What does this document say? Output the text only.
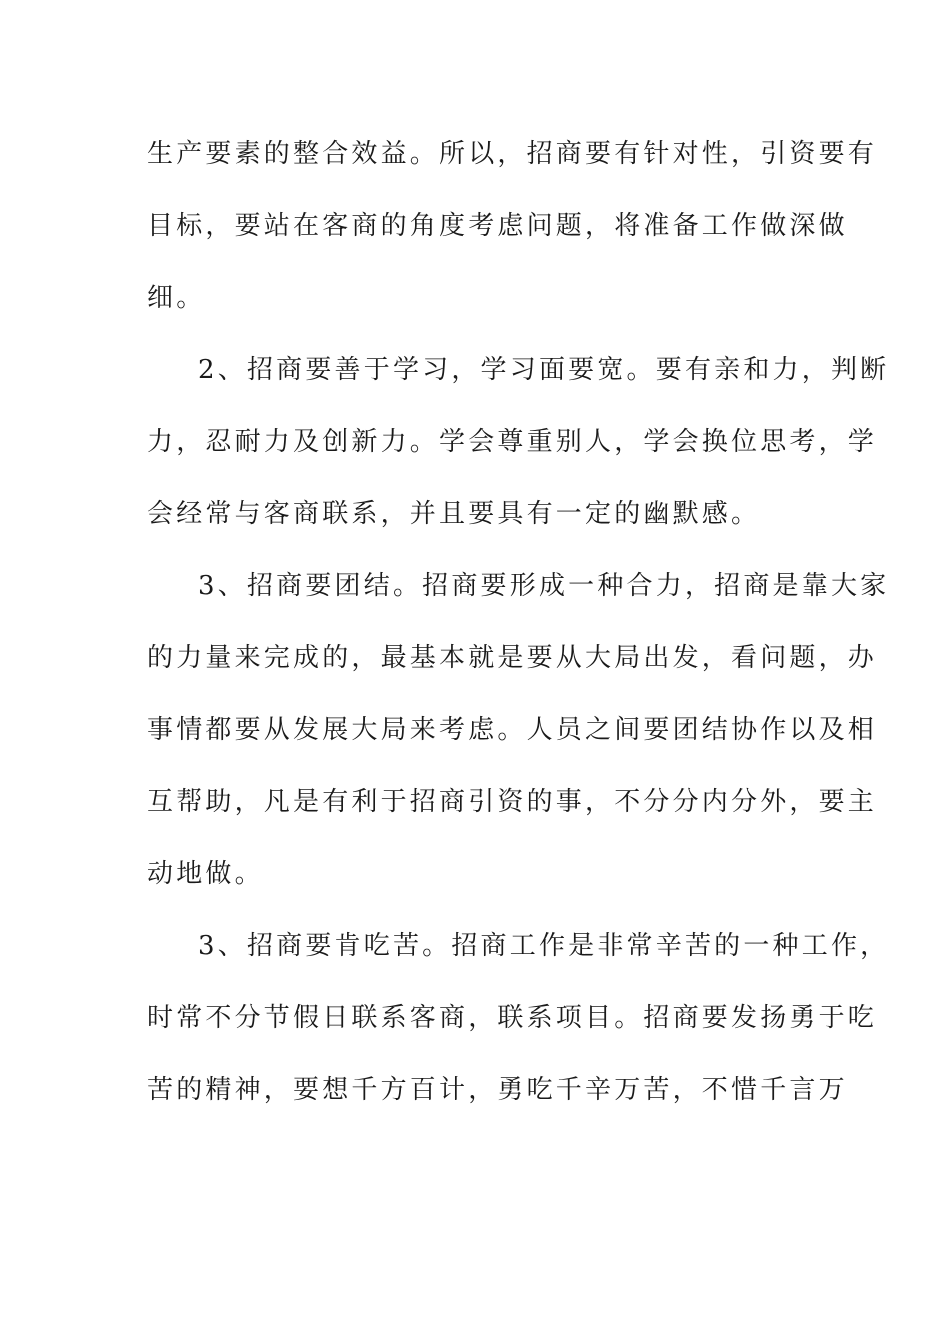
生产要素的整合效益。所以，招商要有针对性，引资要有
目标，要站在客商的角度考虑问题，将准备工作做深做
细。
2、招商要善于学习，学习面要宽。要有亲和力，判断
力，忍耐力及创新力。学会尊重别人，学会换位思考，学
会经常与客商联系，并且要具有一定的幽默感。
3、招商要团结。招商要形成一种合力，招商是靠大家
的力量来完成的，最基本就是要从大局出发，看问题，办
事情都要从发展大局来考虑。人员之间要团结协作以及相
互帮助，凡是有利于招商引资的事，不分分内分外，要主
动地做。
3、招商要肯吃苦。招商工作是非常辛苦的一种工作，
时常不分节假日联系客商，联系项目。招商要发扬勇于吃
苦的精神，要想千方百计，勇吃千辛万苦，不惜千言万
